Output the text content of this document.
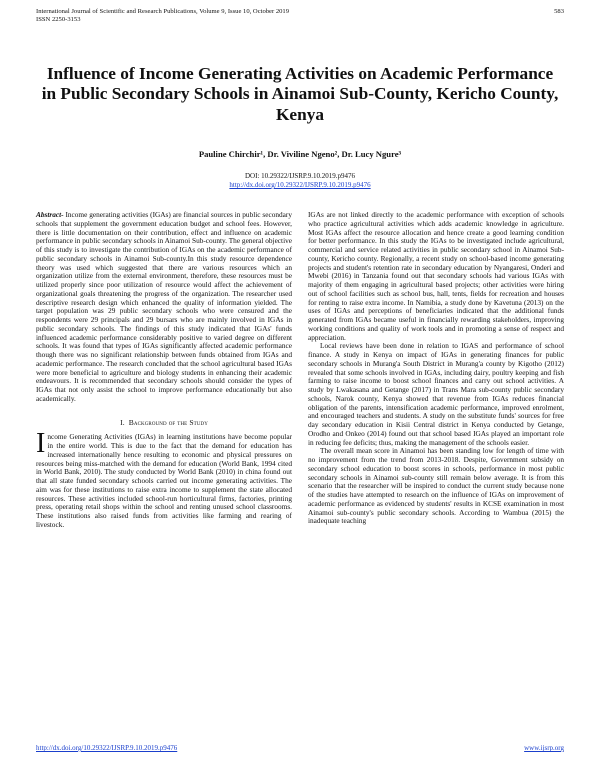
International Journal of Scientific and Research Publications, Volume 9, Issue 10, October 2019
ISSN 2250-3153
583
Influence of Income Generating Activities on Academic Performance in Public Secondary Schools in Ainamoi Sub-County, Kericho County, Kenya
Pauline Chirchir¹, Dr. Viviline Ngeno², Dr. Lucy Ngure³
DOI: 10.29322/IJSRP.9.10.2019.p9476
http://dx.doi.org/10.29322/IJSRP.9.10.2019.p9476

Abstract- Income generating activities (IGAs) are financial sources in public secondary schools that supplement the government education budget and school fees. However, there is little documentation on their contribution, effect and influence on academic performance in public secondary schools in Ainamoi Sub-county. The general objective of this study is to investigate the contribution of IGAs on the academic performance of public secondary schools in Ainamoi Sub-county.In this study resource dependence theory was used which suggested that there are various resources which an organization utilize from the external environment, therefore, these resources must be utilized properly since poor utilization of resource would affect the achievement of organizational goals threatening the progress of the organization. The researcher used descriptive research design which enhanced the quality of information yielded. The target population was 29 public secondary schools who were censured and the respondents were 29 principals and 29 bursars who are mainly involved in IGAs in public secondary schools. The findings of this study indicated that IGAs' funds influenced academic performance considerably positive to varied degree on different schools. It was found that types of IGAs significantly affected academic performance though there was no significant relationship between funds obtained from IGAs and academic performance. The research concluded that the school agricultural based IGAs were more beneficial to agriculture and biology students in enhancing their academic endeavours. It is recommended that secondary schools should consider the types of IGAs that not only assist the school to improve performance educationally but also academically.

I. Background of the Study

Income Generating Activities (IGAs) in learning institutions have become popular in the entire world. This is due to the fact that the demand for education has increased internationally hence resulting to economic and physical pressures on resources being miss-matched with the demand for education (World Bank, 1994 cited in World Bank, 2010). The study conducted by World Bank (2010) in china found out that all state funded secondary schools carried out income generating activities. The aim was for these institutions to raise extra income to supplement the state allocated resources. These activities included school-run horticultural firms, factories, printing press, operating retail shops within the school and renting unused school classrooms. These institutions also raised funds from activities like farming and rearing of livestock.

IGAs are not linked directly to the academic performance with exception of schools who practice agricultural activities which adds academic knowledge in agriculture. Most IGAs affect the resource allocation and hence create a good learning condition for better performance. In this study the IGAs to be investigated include agricultural, commercial and service related activities in public secondary school in Ainamoi Sub-county, Kericho county. Regionally, a recent study on school-based income generating projects and student's retention rate in secondary education by Nyangaresi, Onderi and Mwebi (2016) in Tanzania found out that secondary schools had various IGAs with majority of them engaging in agricultural based projects; other activities were hiring out of school facilities such as school bus, hall, tents, fields for recreation and houses for renting to raise extra income. In Namibia, a study done by Kavetuna (2013) on the uses of IGAs and perceptions of beneficiaries indicated that the additional funds generated from IGAs became useful in financially rewarding stakeholders, improving working conditions and quality of work tools and in promoting a sense of respect and appreciation.

Local reviews have been done in relation to IGAS and performance of school finance. A study in Kenya on impact of IGAs in generating finances for public secondary schools in Murang'a South District in Murang'a county by Kigotho (2012) revealed that some schools involved in IGAs, including dairy, poultry keeping and fish farming to raise income to boost school finances and carry out school activities. A study by Lwakasana and Getange (2017) in Trans Mara sub-county public secondary schools, Narok county, Kenya showed that revenue from IGAs reduces financial obligation of the parents, intensification academic performance, improved enrolment, and encouraged teachers and students. A study on the substitute funds' sources for free day secondary education in Kisii Central district in Kenya conducted by Getange, Orodho and Onkeo (2014) found out that school based IGAs played an important role in reducing fee deficits; thus, making the management of the schools easier.

The overall mean score in Ainamoi has been standing low for length of time with no improvement from the trend from 2013-2018. Despite, Government subsidy on secondary school education to boost scores in schools, performance in most public secondary schools in Ainamoi sub-county still remain below average. It is from this scenario that the researcher will be inspired to conduct the current study because none of the studies have attempted to research on the influence of IGAs on improvement of academic performance as evidenced by students' results in KCSE examination in most Ainamoi sub-county's public secondary schools. According to Wambua (2015) the inadequate teaching

http://dx.doi.org/10.29322/IJSRP.9.10.2019.p9476	www.ijsrp.org
